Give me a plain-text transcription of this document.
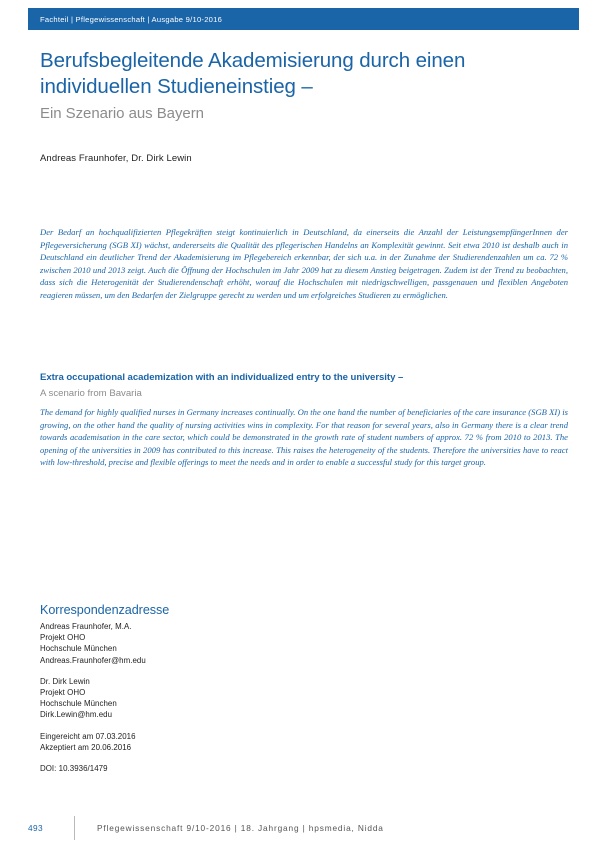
Fachteil | Pflegewissenschaft | Ausgabe 9/10-2016
Berufsbegleitende Akademisierung durch einen individuellen Studieneinstieg –
Ein Szenario aus Bayern
Andreas Fraunhofer, Dr. Dirk Lewin
Der Bedarf an hochqualifizierten Pflegekräften steigt kontinuierlich in Deutschland, da einerseits die Anzahl der LeistungsempfängerInnen der Pflegeversicherung (SGB XI) wächst, andererseits die Qualität des pflegerischen Handelns an Komplexität gewinnt. Seit etwa 2010 ist deshalb auch in Deutschland ein deutlicher Trend der Akademisierung im Pflegebereich erkennbar, der sich u.a. in der Zunahme der Studierendenzahlen um ca. 72 % zwischen 2010 und 2013 zeigt. Auch die Öffnung der Hochschulen im Jahr 2009 hat zu diesem Anstieg beigetragen. Zudem ist der Trend zu beobachten, dass sich die Heterogenität der Studierendenschaft erhöht, worauf die Hochschulen mit niedrigschwelligen, passgenauen und flexiblen Angeboten reagieren müssen, um den Bedarfen der Zielgruppe gerecht zu werden und um erfolgreiches Studieren zu ermöglichen.
Extra occupational academization with an individualized entry to the university –
A scenario from Bavaria
The demand for highly qualified nurses in Germany increases continually. On the one hand the number of beneficiaries of the care insurance (SGB XI) is growing, on the other hand the quality of nursing activities wins in complexity. For that reason for several years, also in Germany there is a clear trend towards academisation in the care sector, which could be demonstrated in the growth rate of student numbers of approx. 72 % from 2010 to 2013. The opening of the universities in 2009 has contributed to this increase. This raises the heterogeneity of the students. Therefore the universities have to react with low-threshold, precise and flexible offerings to meet the needs and in order to enable a successful study for this target group.
Korrespondenzadresse
Andreas Fraunhofer, M.A.
Projekt OHO
Hochschule München
Andreas.Fraunhofer@hm.edu
Dr. Dirk Lewin
Projekt OHO
Hochschule München
Dirk.Lewin@hm.edu
Eingereicht am 07.03.2016
Akzeptiert am 20.06.2016
DOI: 10.3936/1479
493	Pflegewissenschaft 9/10-2016 | 18. Jahrgang | hpsmedia, Nidda
